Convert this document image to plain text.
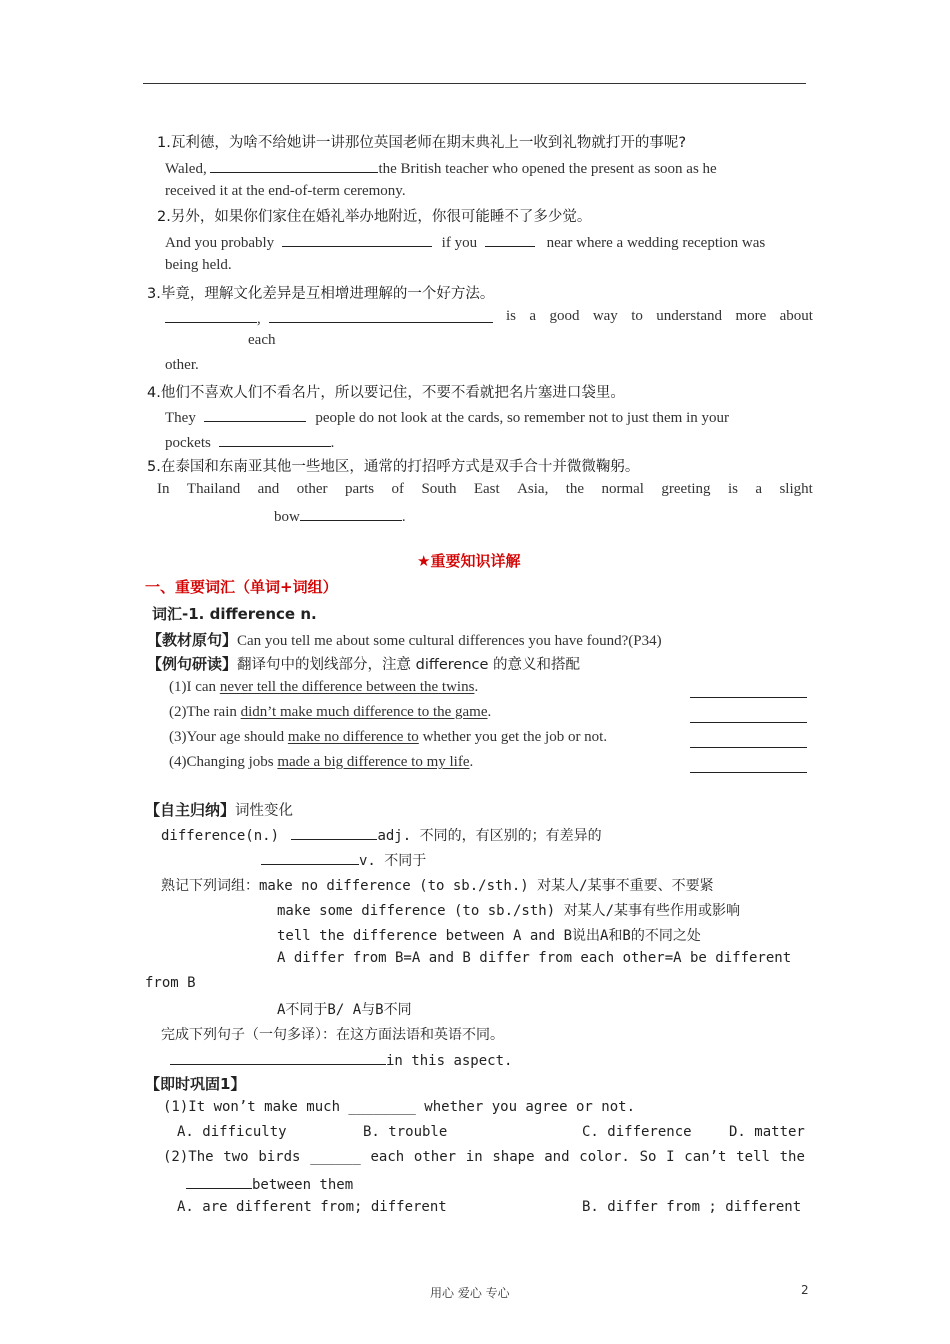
1.瓦利德，为啥不给她讲一讲那位英国老师在期末典礼上一收到礼物就打开的事呢?
Waled,	the British teacher who opened the present as soon as he
received it at the end-of-term ceremony.
2.另外，如果你们家住在婚礼举办地附近，你很可能睡不了多少觉。
And you probably	if you	near where a wedding reception was
being held.
3.毕竟，理解文化差异是互相增进理解的一个好方法。
,	is a good way to understand more about
each
other.
4.他们不喜欢人们不看名片，所以要记住，不要不看就把名片塞进口袋里。
They	people do not look at the cards, so remember not to just them in your
pockets	.
5.在泰国和东南亚其他一些地区，通常的打招呼方式是双手合十并微微鞠躬。
In Thailand and other parts of South East Asia, the normal greeting is a slight
bow	.
★重要知识详解
一、重要词汇（单词+词组）
词汇-1. difference n.
【教材原句】Can you tell me about some cultural differences you have found?(P34)
【例句研读】翻译句中的划线部分，注意 difference 的意义和搭配
(1)I can never tell the difference between the twins.
(2)The rain didn’t make much difference to the game.
(3)Your age should make no difference to whether you get the job or not.
(4)Changing jobs made a big difference to my life.
【自主归纳】词性变化
difference(n.)	adj. 不同的，有区别的；有差异的
v. 不同于
熟记下列词组：make no difference (to sb./sth.) 对某人/某事不重要、不要紧
make some difference (to sb./sth) 对某人/某事有些作用或影响
tell the difference between A and B说出A和B的不同之处
A differ from B=A and B differ from each other=A be different
from B
A不同于B/ A与B不同
完成下列句子（一句多译）：在这方面法语和英语不同。
in this aspect.
【即时巩固1】
(1)It won’t make much ________ whether you agree or not.
A. difficulty	B. trouble	C. difference	D. matter
(2)The two birds ______ each other in shape and color. So I can’t tell the
between them
A. are different from; different	B. differ from ; different
用心 爱心 专心	2
